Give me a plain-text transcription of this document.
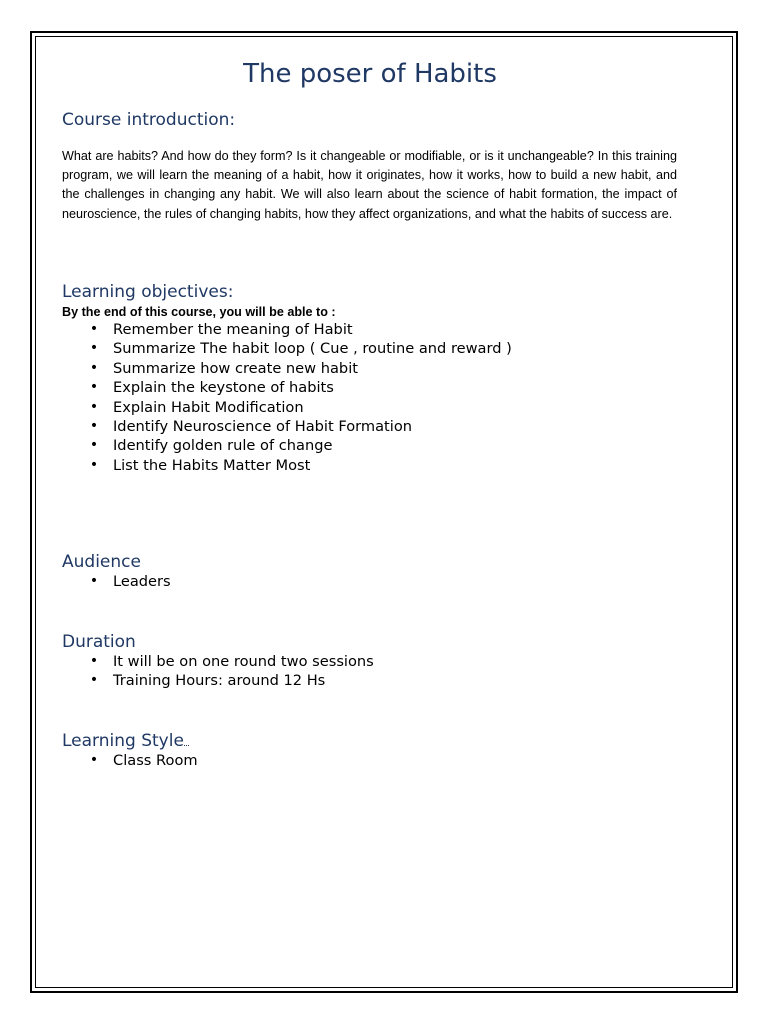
The poser of Habits
Course introduction:

What are habits? And how do they form? Is it changeable or modifiable, or is it unchangeable? In this training program, we will learn the meaning of a habit, how it originates, how it works, how to build a new habit, and the challenges in changing any habit. We will also learn about the science of habit formation, the impact of neuroscience, the rules of changing habits, how they affect organizations, and what the habits of success are.

Learning objectives:

By the end of this course, you will be able to :

• Remember the meaning of Habit
• Summarize The habit loop ( Cue , routine and reward )
• Summarize how create new habit
• Explain the keystone of habits
• Explain Habit Modification
• Identify Neuroscience of Habit Formation
• Identify golden rule of change
• List the Habits Matter Most
Audience
• Leaders
Duration
• It will be on one round two sessions
• Training Hours: around 12 Hs
Learning Style
• Class Room
